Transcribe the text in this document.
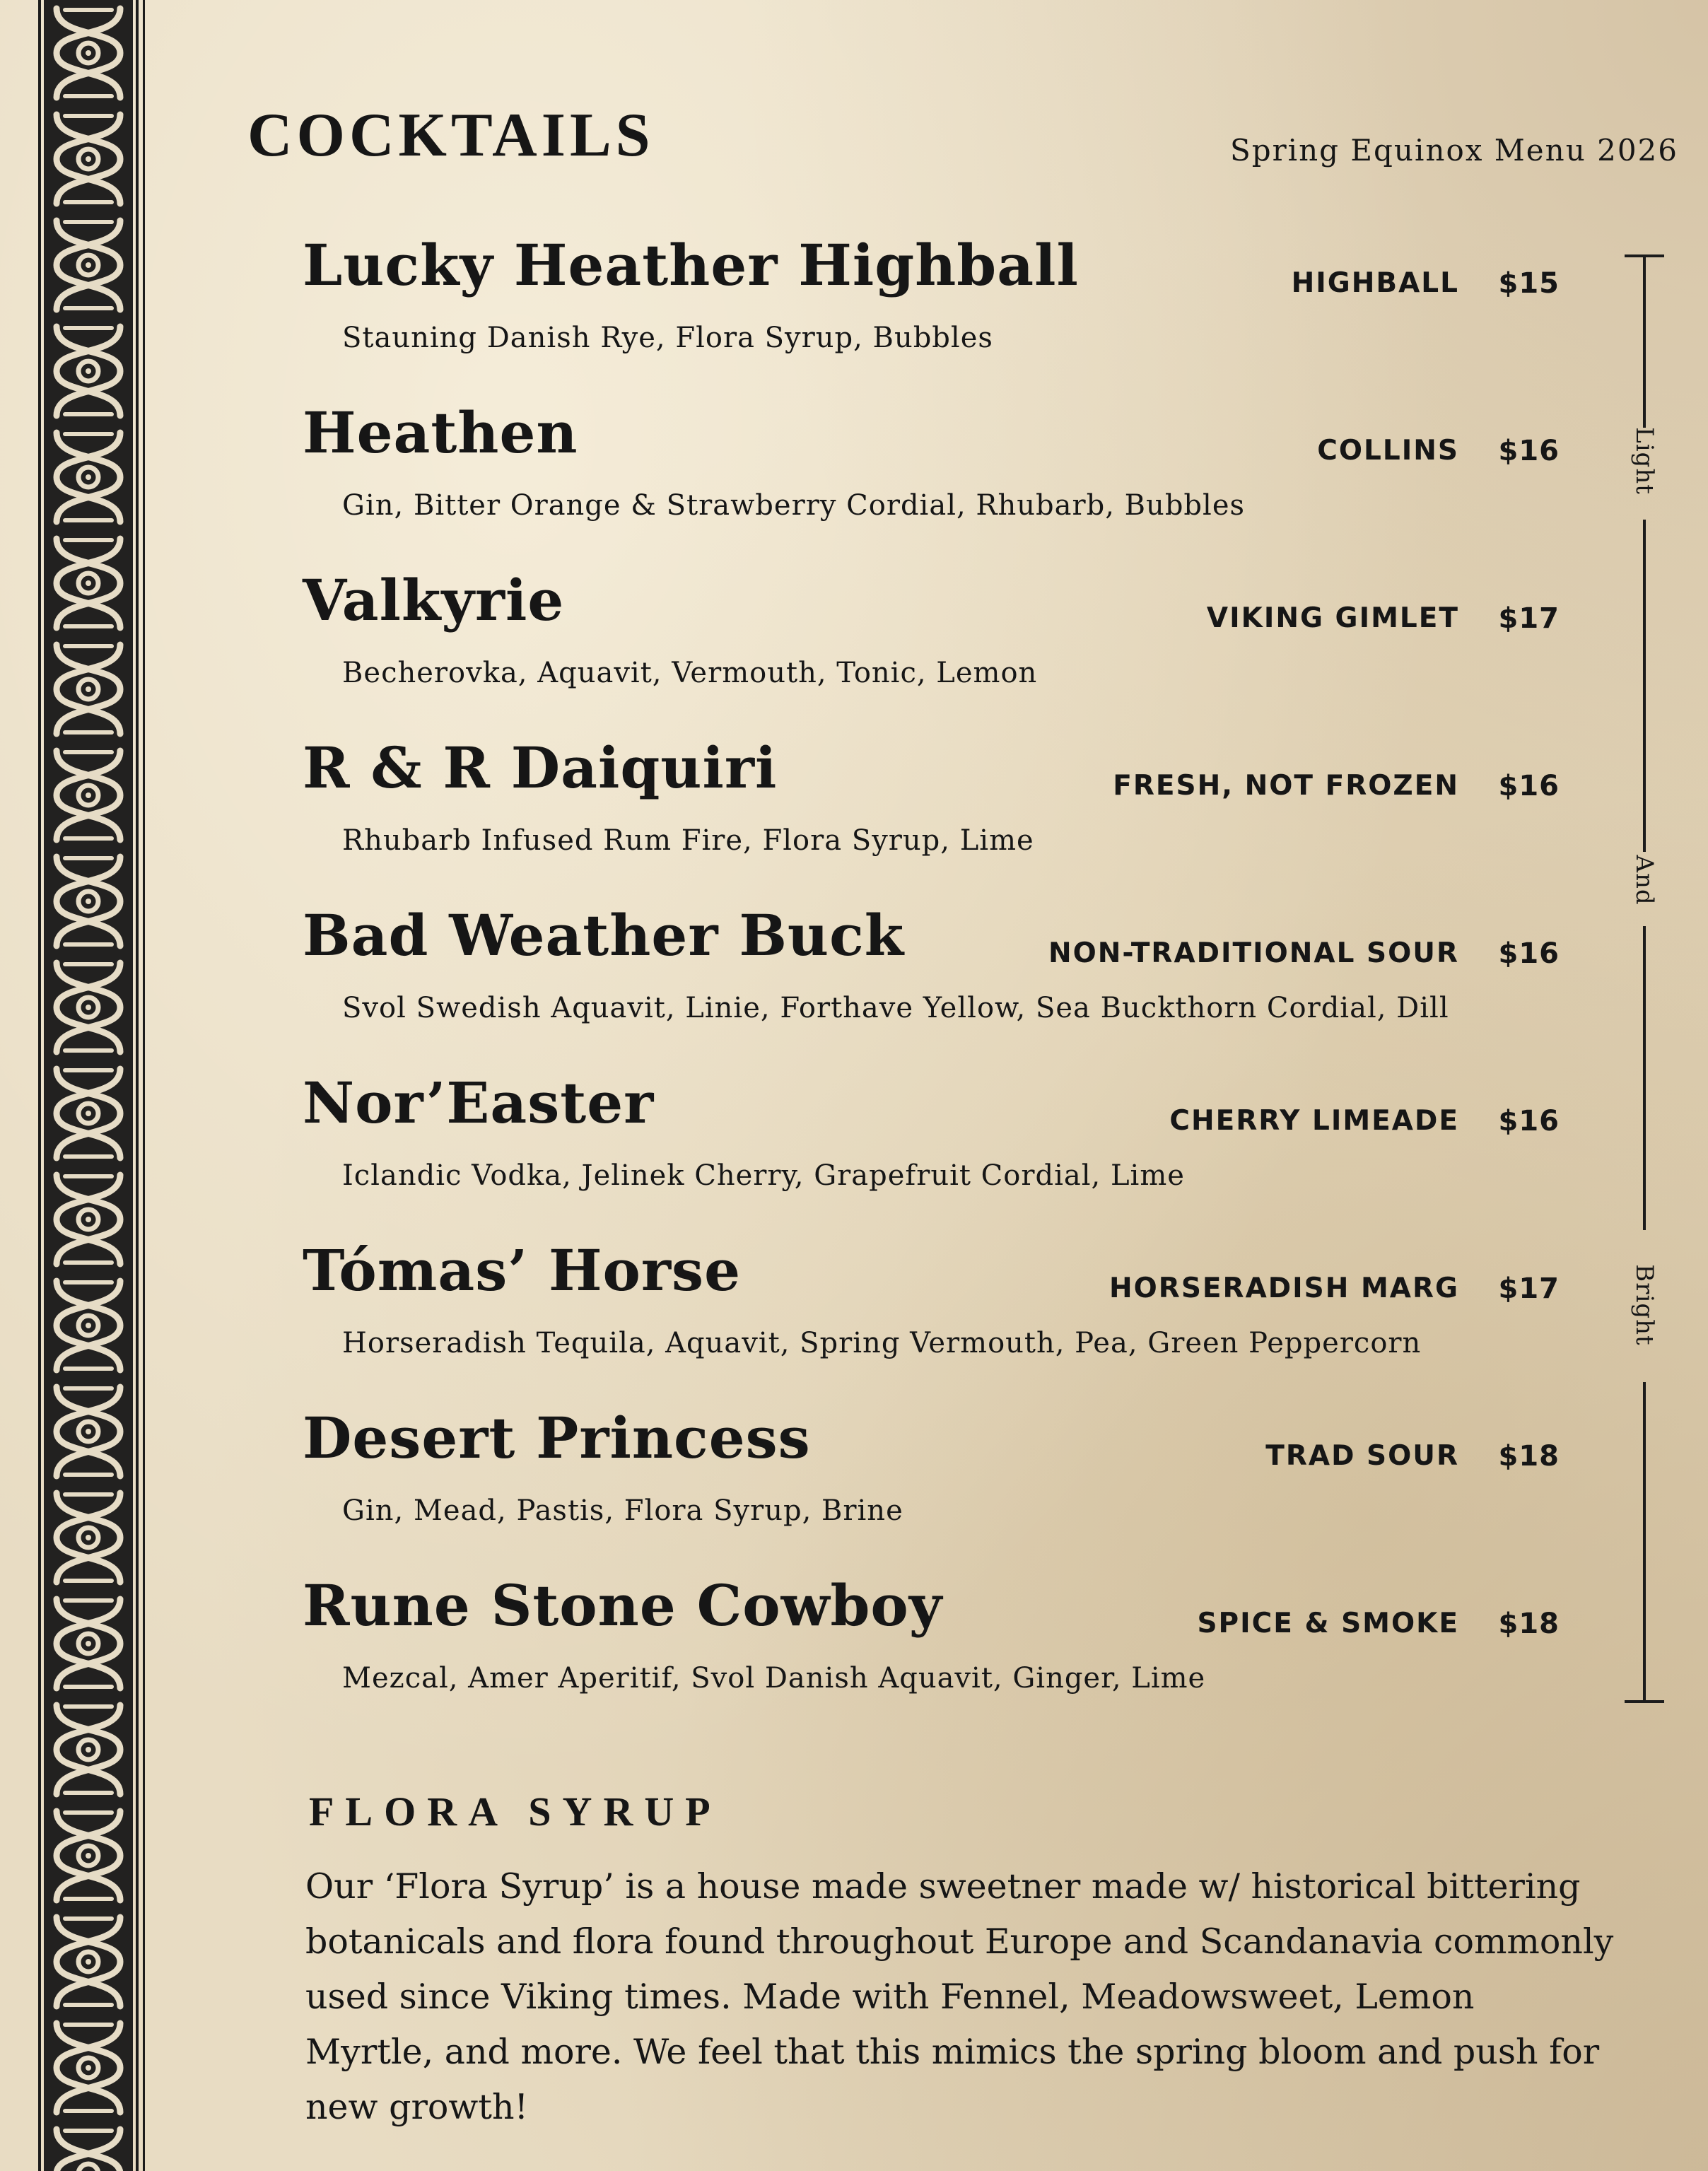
COCKTAILS	Spring Equinox Menu 2026
Lucky Heather Highball	HIGHBALL $15
Stauning Danish Rye, Flora Syrup, Bubbles
Heathen	COLLINS $16
Gin, Bitter Orange & Strawberry Cordial, Rhubarb, Bubbles
Valkyrie	VIKING GIMLET $17
Becherovka, Aquavit, Vermouth, Tonic, Lemon
R & R Daiquiri	FRESH, NOT FROZEN $16
Rhubarb Infused Rum Fire, Flora Syrup, Lime
Bad Weather Buck	NON-TRADITIONAL SOUR $16
Svol Swedish Aquavit, Linie, Forthave Yellow, Sea Buckthorn Cordial, Dill
Nor’Easter	CHERRY LIMEADE $16
Iclandic Vodka, Jelinek Cherry, Grapefruit Cordial, Lime
Tómas’ Horse	HORSERADISH MARG $17
Horseradish Tequila, Aquavit, Spring Vermouth, Pea, Green Peppercorn
Desert Princess	TRAD SOUR $18
Gin, Mead, Pastis, Flora Syrup, Brine
Rune Stone Cowboy	SPICE & SMOKE $18
Mezcal, Amer Aperitif, Svol Danish Aquavit, Ginger, Lime
Light
And
Bright
FLORA SYRUP

Our ‘Flora Syrup’ is a house made sweetner made w/ historical bittering
botanicals and flora found throughout Europe and Scandanavia commonly
used since Viking times. Made with Fennel, Meadowsweet, Lemon
Myrtle, and more. We feel that this mimics the spring bloom and push for
new growth!
